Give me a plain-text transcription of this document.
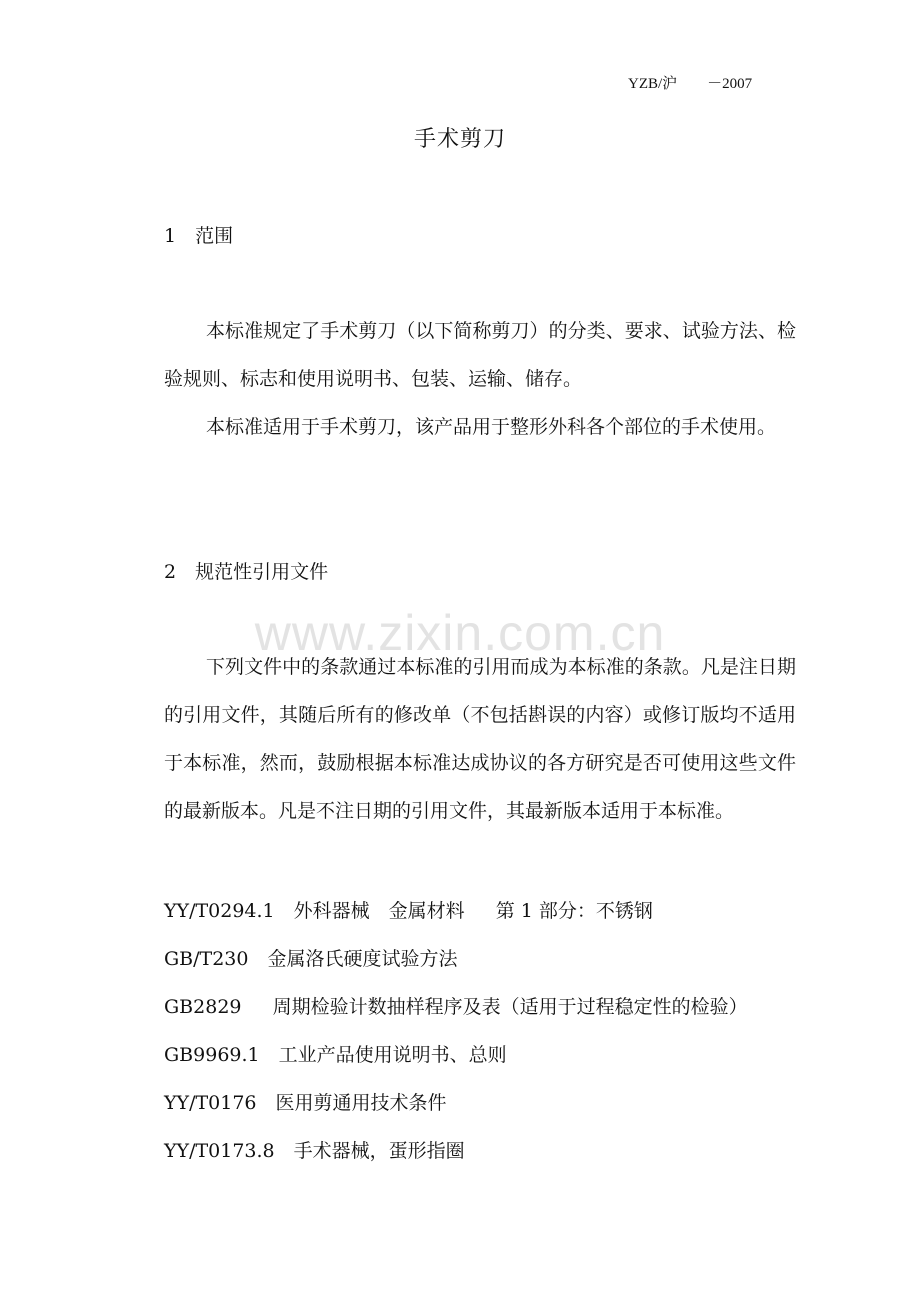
YZB/沪　　－2007
手术剪刀
1　范围
本标准规定了手术剪刀（以下简称剪刀）的分类、要求、试验方法、检验规则、标志和使用说明书、包装、运输、储存。
本标准适用于手术剪刀，该产品用于整形外科各个部位的手术使用。
2　规范性引用文件
www.zixin.com.cn
下列文件中的条款通过本标准的引用而成为本标准的条款。凡是注日期的引用文件，其随后所有的修改单（不包括斟误的内容）或修订版均不适用于本标准，然而，鼓励根据本标准达成协议的各方研究是否可使用这些文件的最新版本。凡是不注日期的引用文件，其最新版本适用于本标准。
YY/T0294.1　外科器械　金属材料　  第 1 部分：不锈钢
GB/T230　金属洛氏硬度试验方法
GB2829　  周期检验计数抽样程序及表（适用于过程稳定性的检验）
GB9969.1　工业产品使用说明书、总则
YY/T0176　医用剪通用技术条件
YY/T0173.8　手术器械，蛋形指圈
